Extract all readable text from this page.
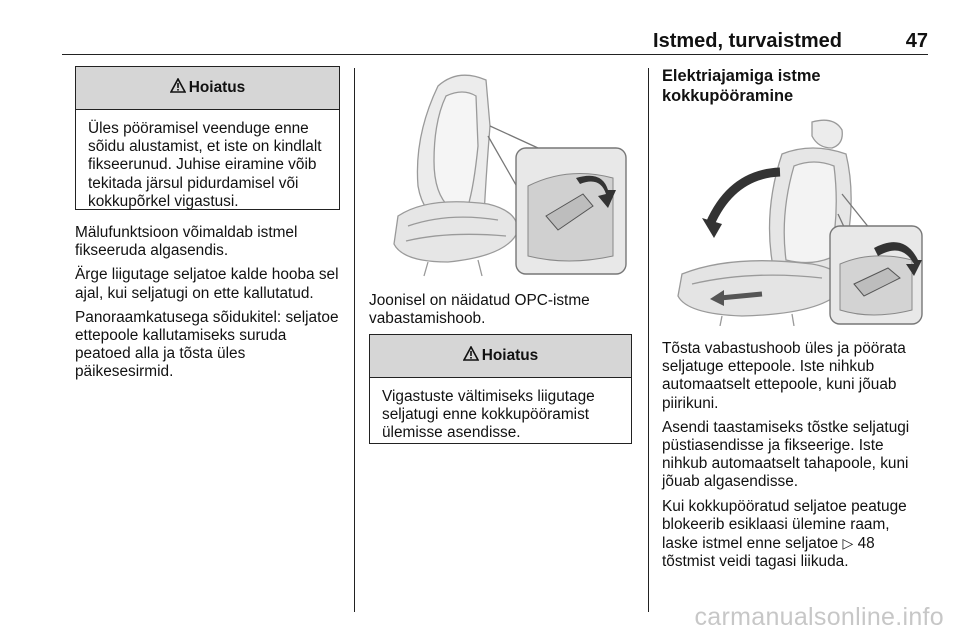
Istmed, turvaistmed	47
Hoiatus
Üles pööramisel veenduge enne sõidu alustamist, et iste on kindlalt fikseerunud. Juhise eiramine võib tekitada järsul pidurdamisel või kokkupõrkel vigastusi.

Mälufunktsioon võimaldab istmel fikseeruda algasendis.

Ärge liigutage seljatoe kalde hooba sel ajal, kui seljatugi on ette kallutatud.

Panoraamkatusega sõidukitel: seljatoe ettepoole kallutamiseks suruda peatoed alla ja tõsta üles päikesesirmid.

Joonisel on näidatud OPC-istme vabastamishoob.
Hoiatus
Vigastuste vältimiseks liigutage seljatugi enne kokkupööramist ülemisse asendisse.
Elektriajamiga istme
kokkupööramine

Tõsta vabastushoob üles ja pöörata seljatuge ettepoole. Iste nihkub automaatselt ettepoole, kuni jõuab piirikuni.

Asendi taastamiseks tõstke seljatugi püstiasendisse ja fikseerige. Iste nihkub automaatselt tahapoole, kuni jõuab algasendisse.

Kui kokkupööratud seljatoe peatuge blokeerib esiklaasi ülemine raam, laske istmel enne seljatoe ▷ 48 tõstmist veidi tagasi liikuda.

carmanualsonline.info
